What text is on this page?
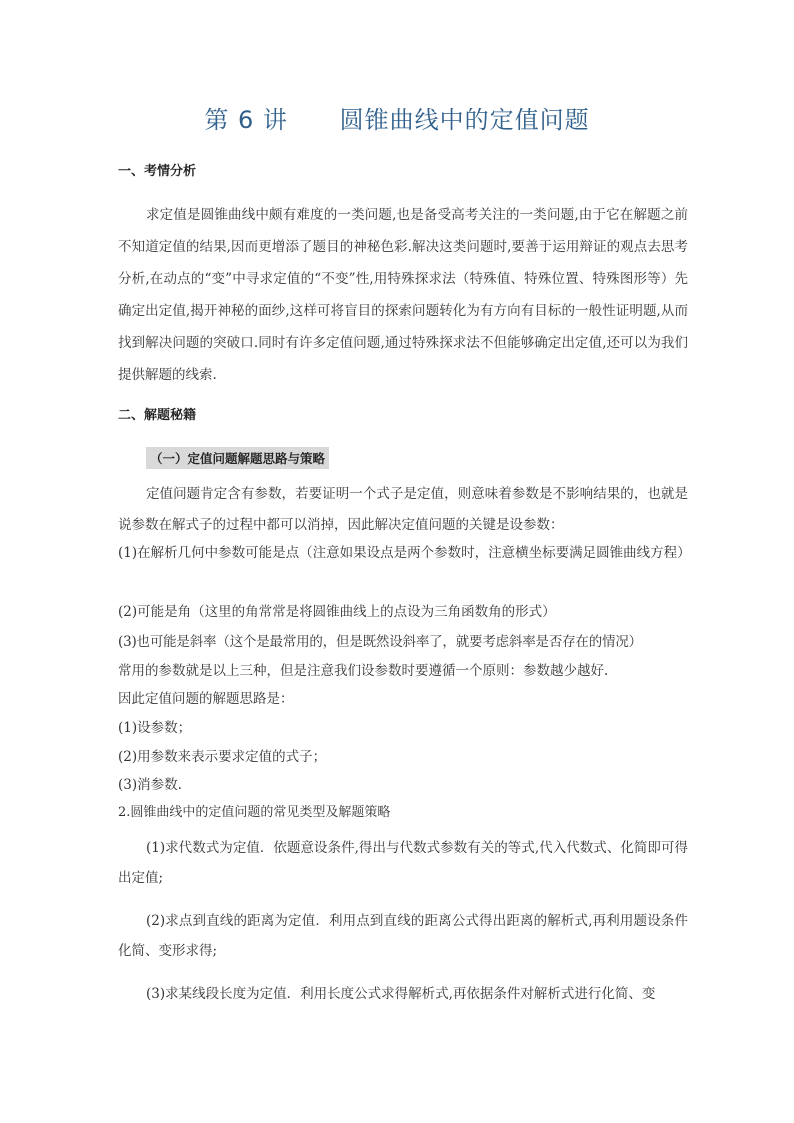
第 6 讲      圆锥曲线中的定值问题
一、考情分析
求定值是圆锥曲线中颇有难度的一类问题,也是备受高考关注的一类问题,由于它在解题之前不知道定值的结果,因而更增添了题目的神秘色彩.解决这类问题时,要善于运用辩证的观点去思考分析,在动点的“变”中寻求定值的“不变”性,用特殊探求法（特殊值、特殊位置、特殊图形等）先确定出定值,揭开神秘的面纱,这样可将盲目的探索问题转化为有方向有目标的一般性证明题,从而找到解决问题的突破口.同时有许多定值问题,通过特殊探求法不但能够确定出定值,还可以为我们提供解题的线索.
二、解题秘籍
（一）定值问题解题思路与策略
定值问题肯定含有参数，若要证明一个式子是定值，则意味着参数是不影响结果的，也就是说参数在解式子的过程中都可以消掉，因此解决定值问题的关键是设参数：
(1)在解析几何中参数可能是点（注意如果设点是两个参数时，注意横坐标要满足圆锥曲线方程）
(2)可能是角（这里的角常常是将圆锥曲线上的点设为三角函数角的形式）
(3)也可能是斜率（这个是最常用的，但是既然设斜率了，就要考虑斜率是否存在的情况）
常用的参数就是以上三种，但是注意我们设参数时要遵循一个原则：参数越少越好.
因此定值问题的解题思路是：
(1)设参数；
(2)用参数来表示要求定值的式子；
(3)消参数.
2.圆锥曲线中的定值问题的常见类型及解题策略
(1)求代数式为定值．依题意设条件,得出与代数式参数有关的等式,代入代数式、化简即可得出定值;
(2)求点到直线的距离为定值．利用点到直线的距离公式得出距离的解析式,再利用题设条件化简、变形求得;
(3)求某线段长度为定值．利用长度公式求得解析式,再依据条件对解析式进行化简、变
